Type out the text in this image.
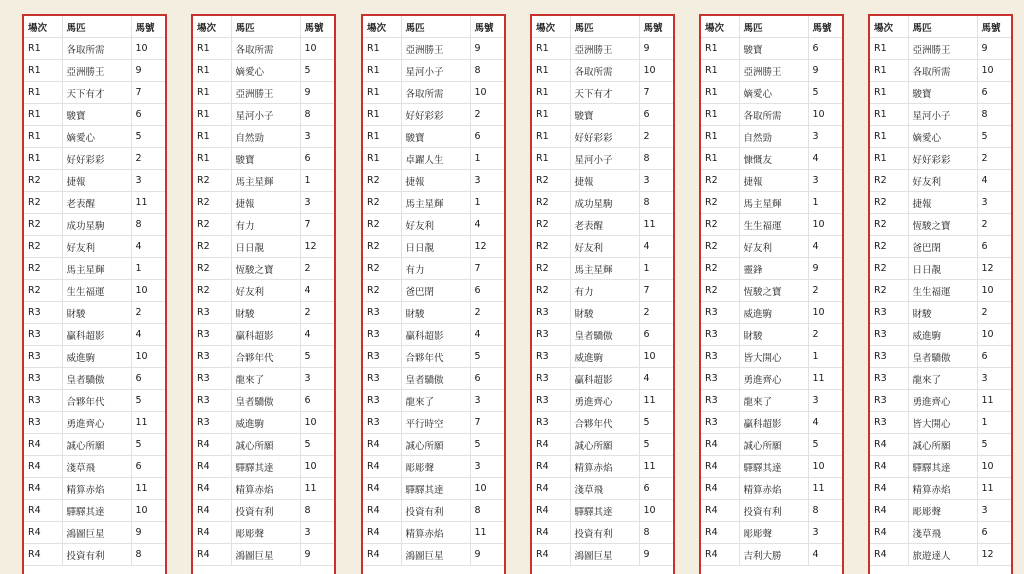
場次	馬匹	馬號
R1	各取所需	10
R1	亞洲勝王	9
R1	天下有才	7
R1	駿寶	6
R1	嫡愛心	5
R1	好好彩彩	2
R2	捷報	3
R2	老表醒	11
R2	成功星駒	8
R2	好友利	4
R2	馬主星輝	1
R2	生生福運	10
R3	財駿	2
R3	贏科超影	4
R3	威進駒	10
R3	皇者驕傲	6
R3	合夥年代	5
R3	勇進齊心	11
R4	誠心所願	5
R4	淺草飛	6
R4	精算赤焰	11
R4	驛驛其達	10
R4	鴻圖巨星	9
R4	投資有利	8
場次	馬匹	馬號
R1	各取所需	10
R1	嫡愛心	5
R1	亞洲勝王	9
R1	星河小子	8
R1	自然勁	3
R1	駿寶	6
R2	馬主星輝	1
R2	捷報	3
R2	有力	7
R2	日日靚	12
R2	恆駿之寶	2
R2	好友利	4
R3	財駿	2
R3	贏科超影	4
R3	合夥年代	5
R3	龍來了	3
R3	皇者驕傲	6
R3	威進駒	10
R4	誠心所願	5
R4	驛驛其達	10
R4	精算赤焰	11
R4	投資有利	8
R4	彫彫聲	3
R4	鴻圖巨星	9
場次	馬匹	馬號
R1	亞洲勝王	9
R1	星河小子	8
R1	各取所需	10
R1	好好彩彩	2
R1	駿寶	6
R1	卓躍人生	1
R2	捷報	3
R2	馬主星輝	1
R2	好友利	4
R2	日日靚	12
R2	有力	7
R2	爸巴閉	6
R3	財駿	2
R3	贏科超影	4
R3	合夥年代	5
R3	皇者驕傲	6
R3	龍來了	3
R3	平行時空	7
R4	誠心所願	5
R4	彫彫聲	3
R4	驛驛其達	10
R4	投資有利	8
R4	精算赤焰	11
R4	鴻圖巨星	9
場次	馬匹	馬號
R1	亞洲勝王	9
R1	各取所需	10
R1	天下有才	7
R1	駿寶	6
R1	好好彩彩	2
R1	星河小子	8
R2	捷報	3
R2	成功星駒	8
R2	老表醒	11
R2	好友利	4
R2	馬主星輝	1
R2	有力	7
R3	財駿	2
R3	皇者驕傲	6
R3	威進駒	10
R3	贏科超影	4
R3	勇進齊心	11
R3	合夥年代	5
R4	誠心所願	5
R4	精算赤焰	11
R4	淺草飛	6
R4	驛驛其達	10
R4	投資有利	8
R4	鴻圖巨星	9
場次	馬匹	馬號
R1	駿寶	6
R1	亞洲勝王	9
R1	嫡愛心	5
R1	各取所需	10
R1	自然勁	3
R1	慷慨友	4
R2	捷報	3
R2	馬主星輝	1
R2	生生福運	10
R2	好友利	4
R2	靈鋒	9
R2	恆駿之寶	2
R3	威進駒	10
R3	財駿	2
R3	皆大開心	1
R3	勇進齊心	11
R3	龍來了	3
R3	贏科超影	4
R4	誠心所願	5
R4	驛驛其達	10
R4	精算赤焰	11
R4	投資有利	8
R4	彫彫聲	3
R4	吉利大勝	4
場次	馬匹	馬號
R1	亞洲勝王	9
R1	各取所需	10
R1	駿寶	6
R1	星河小子	8
R1	嫡愛心	5
R1	好好彩彩	2
R2	好友利	4
R2	捷報	3
R2	恆駿之寶	2
R2	爸巴閉	6
R2	日日靚	12
R2	生生福運	10
R3	財駿	2
R3	威進駒	10
R3	皇者驕傲	6
R3	龍來了	3
R3	勇進齊心	11
R3	皆大開心	1
R4	誠心所願	5
R4	驛驛其達	10
R4	精算赤焰	11
R4	彫彫聲	3
R4	淺草飛	6
R4	旅遊達人	12
